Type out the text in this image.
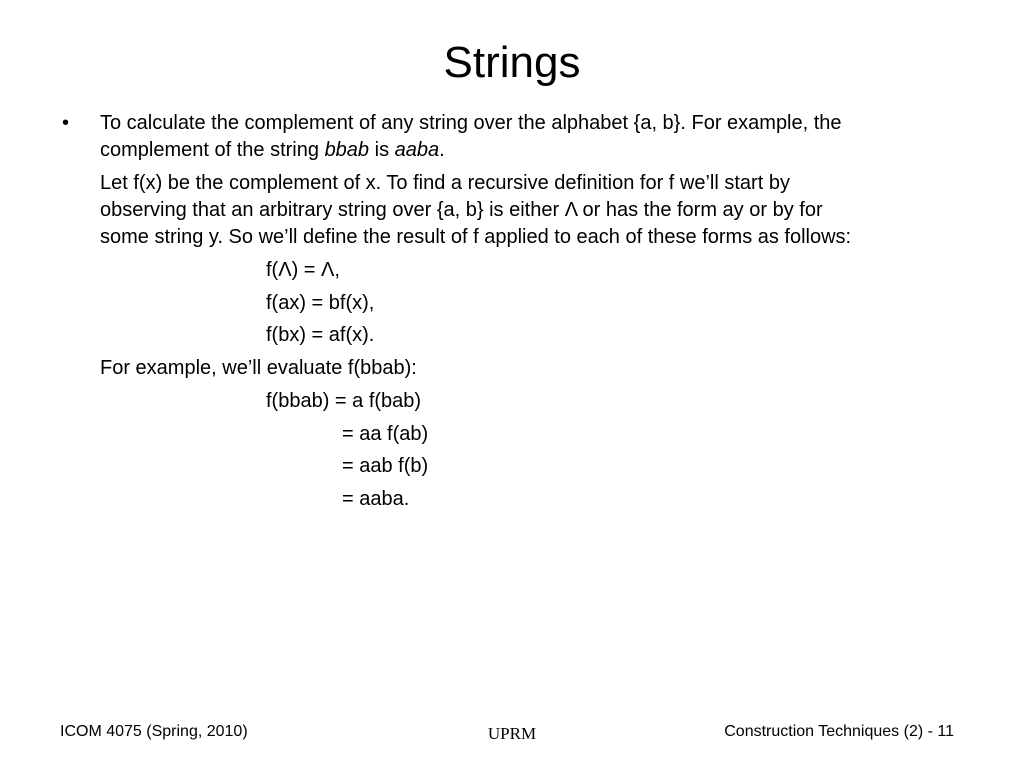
Strings
• To calculate the complement of any string over the alphabet {a, b}. For example, the
complement of the string bbab is aaba.
Let f(x) be the complement of x. To find a recursive definition for f we’ll start by
observing that an arbitrary string over {a, b} is either Λ or has the form ay or by for
some string y. So we’ll define the result of f applied to each of these forms as follows:
f(Λ) = Λ,
f(ax) = bf(x),
f(bx) = af(x).
For example, we’ll evaluate f(bbab):
f(bbab) = a f(bab)
= aa f(ab)
= aab f(b)
= aaba.
ICOM 4075 (Spring, 2010)	UPRM	Construction Techniques (2) - 11
